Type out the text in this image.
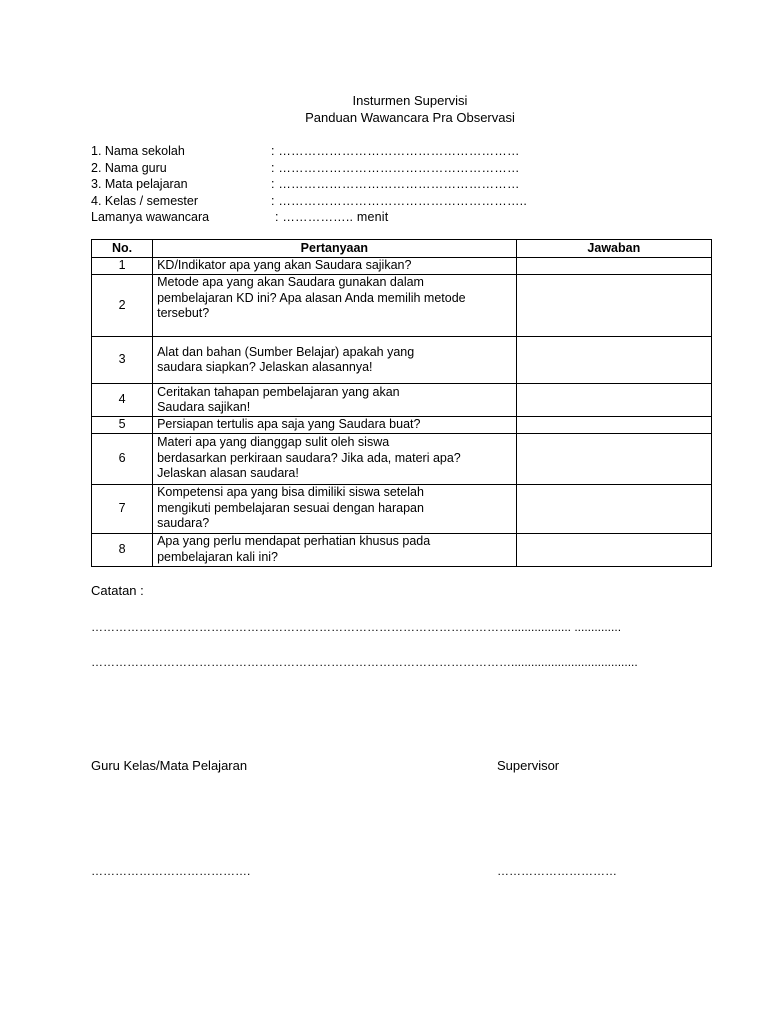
Insturmen Supervisi
Panduan Wawancara Pra Observasi
1. Nama sekolah	: …………………………………………………
2. Nama guru	: …………………………………………………
3. Mata pelajaran	: …………………………………………………
4. Kelas / semester	: …………………………………………………..
Lamanya wawancara	: …………….. menit
No.	Pertanyaan	Jawaban
1	KD/Indikator apa yang akan Saudara sajikan?	

2	Metode apa yang akan Saudara gunakan dalam
pembelajaran KD ini? Apa alasan Anda memilih metode
tersebut?	

3	Alat dan bahan (Sumber Belajar) apakah yang
saudara siapkan? Jelaskan alasannya!	

4	Ceritakan tahapan pembelajaran yang akan
Saudara sajikan!	

5	Persiapan tertulis apa saja yang Saudara buat?	

6	Materi apa yang dianggap sulit oleh siswa
berdasarkan perkiraan saudara? Jika ada, materi apa?
Jelaskan alasan saudara!	

7	Kompetensi apa yang bisa dimiliki siswa setelah
mengikuti pembelajaran sesuai dengan harapan
saudara?	

8	Apa yang perlu mendapat perhatian khusus pada
pembelajaran kali ini?	

Catatan :
…………………………………………………………………………………………….................. ..............
……………………………………………………………………………………………......................................
Guru Kelas/Mata Pelajaran	Supervisor
………………………………….	…………………………
